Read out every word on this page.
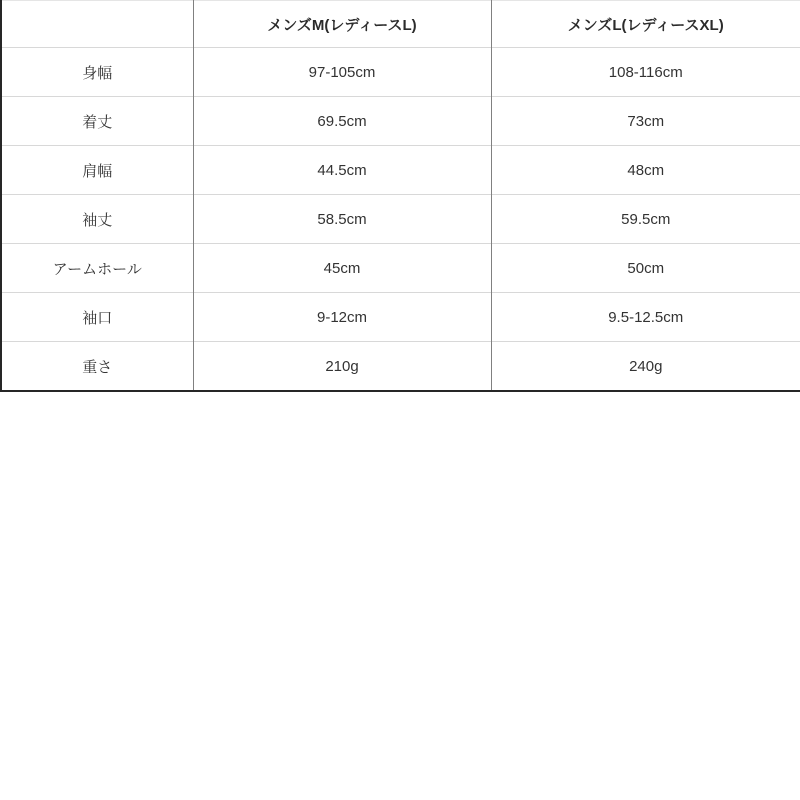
	メンズM(レディースL)	メンズL(レディースXL)
身幅	97-105cm	108-116cm
着丈	69.5cm	73cm
肩幅	44.5cm	48cm
袖丈	58.5cm	59.5cm
アームホール	45cm	50cm
袖口	9-12cm	9.5-12.5cm
重さ	210g	240g
